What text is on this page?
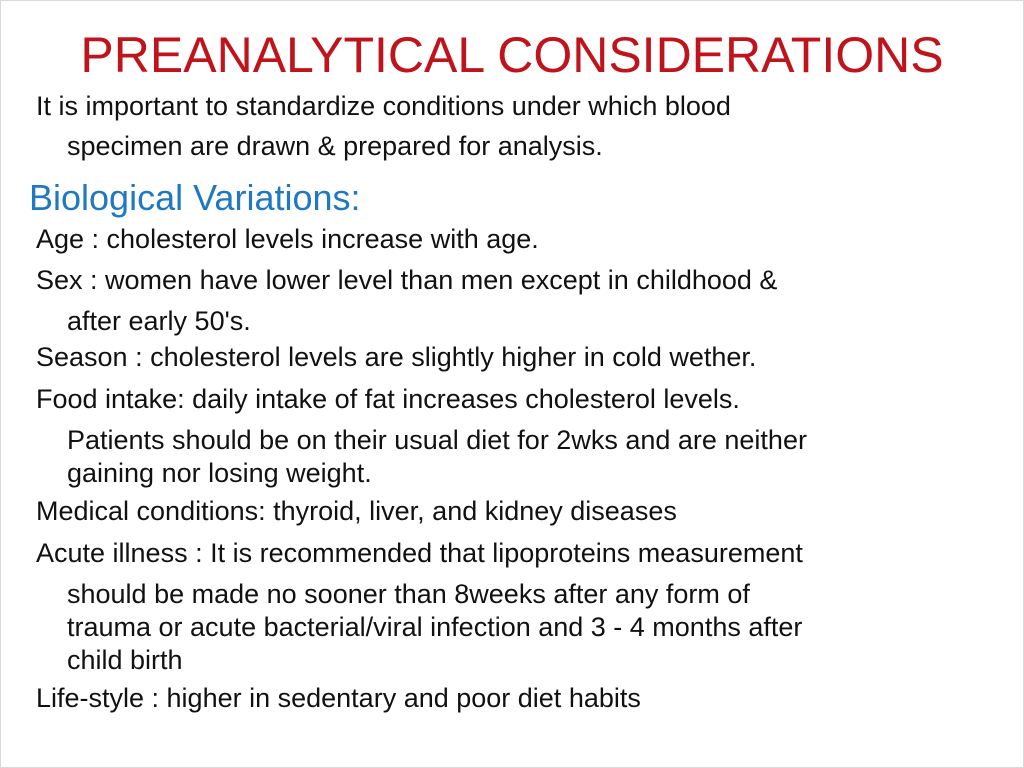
PREANALYTICAL CONSIDERATIONS
It is important to standardize conditions under which blood
specimen are drawn & prepared for analysis.
Biological Variations:
Age : cholesterol levels increase with age.
Sex : women have lower level than men except in childhood &
after early 50's.
Season : cholesterol levels are slightly higher in cold wether.
Food intake: daily intake of fat increases cholesterol levels.
Patients should be on their usual diet for 2wks and are neither
gaining nor losing weight.
Medical conditions: thyroid, liver, and kidney diseases
Acute illness : It is recommended that lipoproteins measurement
should be made no sooner than 8weeks after any form of
trauma or acute bacterial/viral infection and 3 - 4 months after
child birth
Life-style : higher in sedentary and poor diet habits
